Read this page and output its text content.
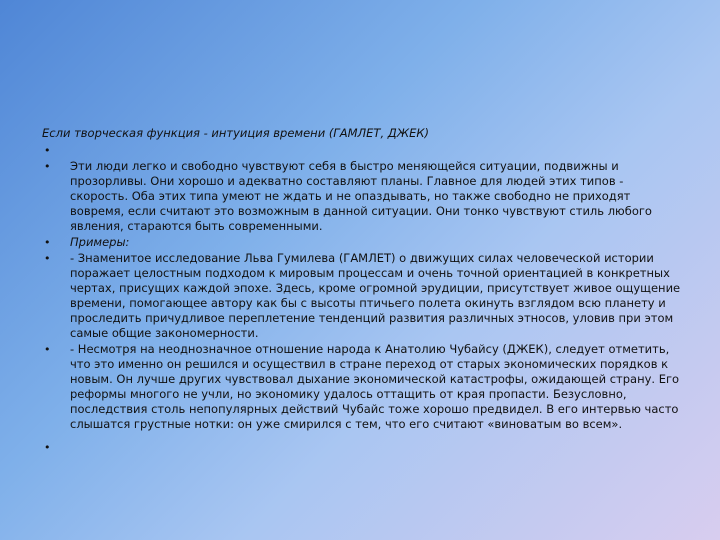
Если творческая функция - интуиция времени (ГАМЛЕТ, ДЖЕК)
•
• Эти люди легко и свободно чувствуют себя в быстро меняющейся ситуации, подвижны и прозорливы. Они хорошо и адекватно составляют планы. Главное для людей этих типов - скорость. Оба этих типа умеют не ждать и не опаздывать, но также свободно не приходят вовремя, если считают это возможным в данной ситуации. Они тонко чувствуют стиль любого явления, стараются быть современными.
• Примеры:
• - Знаменитое исследование Льва Гумилева (ГАМЛЕТ) о движущих силах человеческой истории поражает целостным подходом к мировым процессам и очень точной ориентацией в конкретных чертах, присущих каждой эпохе. Здесь, кроме огромной эрудиции, присутствует живое ощущение времени, помогающее автору как бы с высоты птичьего полета окинуть взглядом всю планету и проследить причудливое переплетение тенденций развития различных этносов, уловив при этом самые общие закономерности.
• - Несмотря на неоднозначное отношение народа к Анатолию Чубайсу (ДЖЕК), следует отметить, что это именно он решился и осуществил в стране переход от старых экономических порядков к новым. Он лучше других чувствовал дыхание экономической катастрофы, ожидающей страну. Его реформы многого не учли, но экономику удалось оттащить от края пропасти. Безусловно, последствия столь непопулярных действий Чубайс тоже хорошо предвидел. В его интервью часто слышатся грустные нотки: он уже смирился с тем, что его считают «виноватым во всем».
•
